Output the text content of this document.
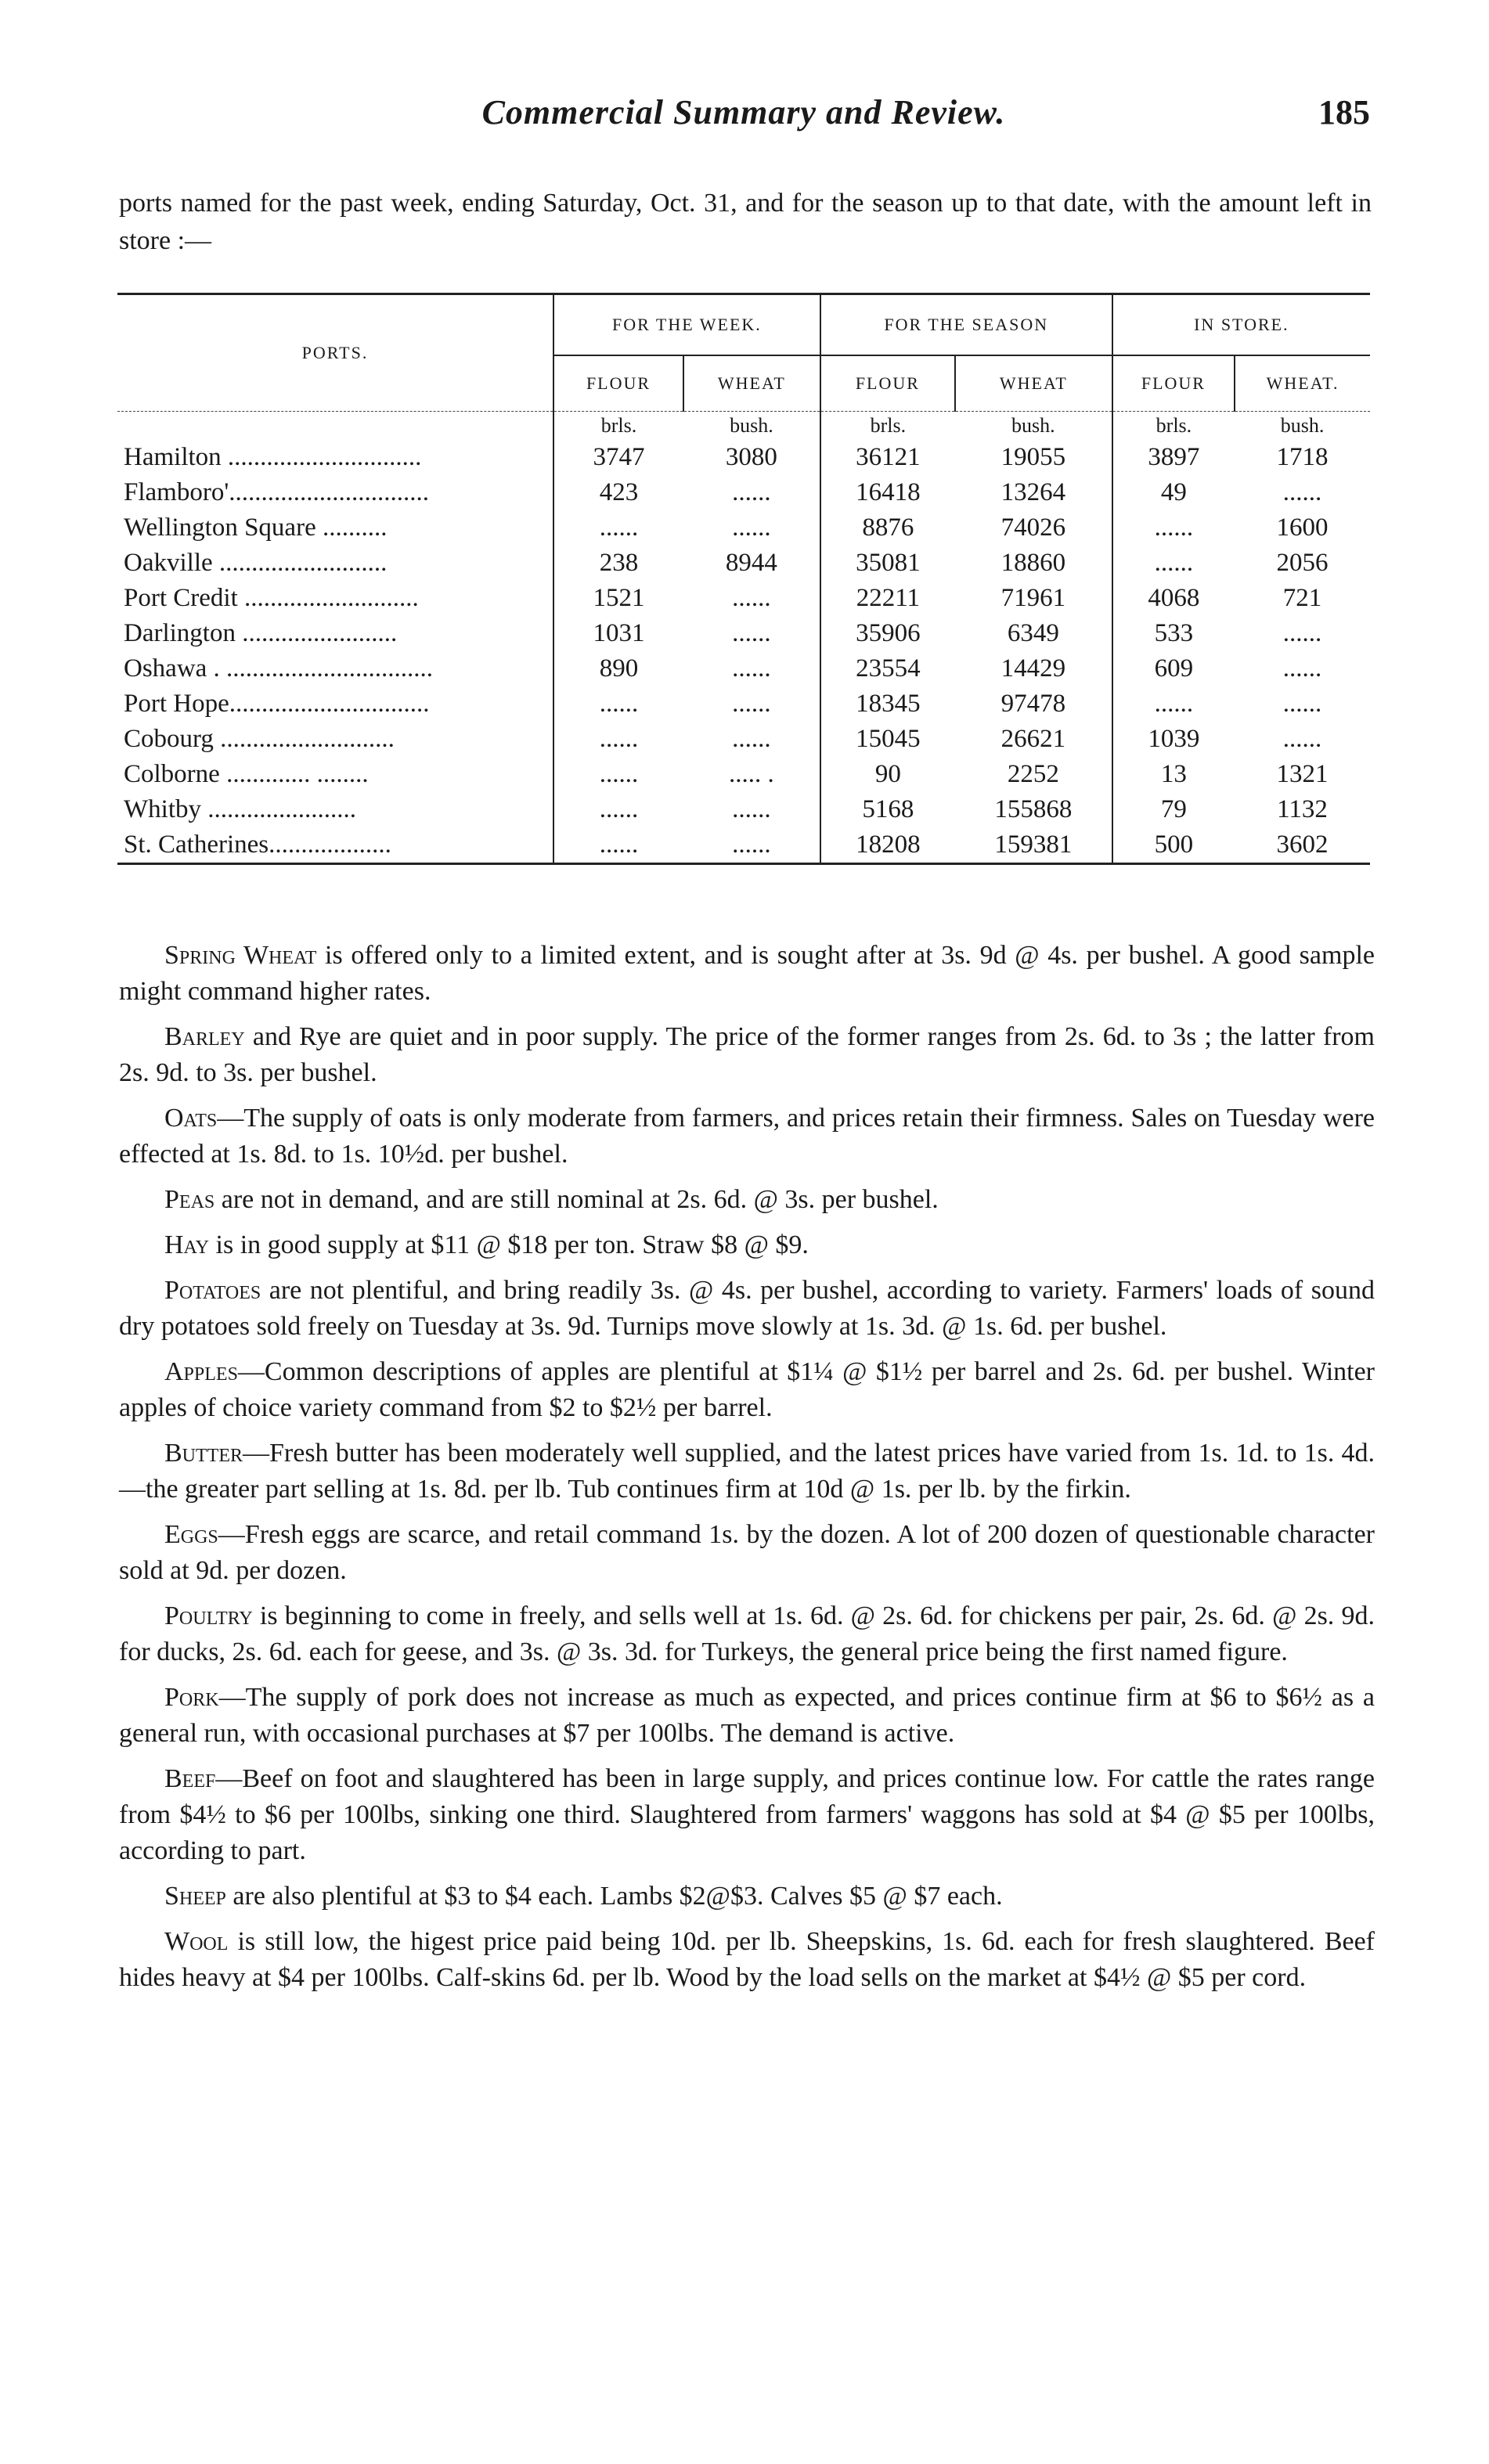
Commercial Summary and Review.	185
ports named for the past week, ending Saturday, Oct. 31, and for the season up to that date, with the amount left in store :—
PORTS.	FOR THE WEEK.		FOR THE SEASON		IN STORE.	
	FLOUR	WHEAT	FLOUR	WHEAT	FLOUR	WHEAT.
	brls.	bush.	brls.	bush.	brls.	bush.
Hamilton ..............................	3747	3080	36121	19055	3897	1718
Flamboro'...............................	423	......	16418	13264	49	......
Wellington Square ..........	......	......	8876	74026	......	1600
Oakville ..........................	238	8944	35081	18860	......	2056
Port Credit ...........................	1521	......	22211	71961	4068	721
Darlington ........................	1031	......	35906	6349	533	......
Oshawa . ................................	890	......	23554	14429	609	......
Port Hope...............................	......	......	18345	97478	......	......
Cobourg ...........................	......	......	15045	26621	1039	......
Colborne ............. ........	......	..... .	90	2252	13	1321
Whitby .......................	......	......	5168	155868	79	1132
St. Catherines...................	......	......	18208	159381	500	3602

Spring Wheat is offered only to a limited extent, and is sought after at 3s. 9d @ 4s. per bushel. A good sample might command higher rates.

Barley and Rye are quiet and in poor supply. The price of the former ranges from 2s. 6d. to 3s ; the latter from 2s. 9d. to 3s. per bushel.

Oats—The supply of oats is only moderate from farmers, and prices retain their firmness. Sales on Tuesday were effected at 1s. 8d. to 1s. 10½d. per bushel.

Peas are not in demand, and are still nominal at 2s. 6d. @ 3s. per bushel.

Hay is in good supply at $11 @ $18 per ton. Straw $8 @ $9.

Potatoes are not plentiful, and bring readily 3s. @ 4s. per bushel, according to variety. Farmers' loads of sound dry potatoes sold freely on Tuesday at 3s. 9d. Turnips move slowly at 1s. 3d. @ 1s. 6d. per bushel.

Apples—Common descriptions of apples are plentiful at $1¼ @ $1½ per barrel and 2s. 6d. per bushel. Winter apples of choice variety command from $2 to $2½ per barrel.

Butter—Fresh butter has been moderately well supplied, and the latest prices have varied from 1s. 1d. to 1s. 4d.—the greater part selling at 1s. 8d. per lb. Tub continues firm at 10d @ 1s. per lb. by the firkin.

Eggs—Fresh eggs are scarce, and retail command 1s. by the dozen. A lot of 200 dozen of questionable character sold at 9d. per dozen.

Poultry is beginning to come in freely, and sells well at 1s. 6d. @ 2s. 6d. for chickens per pair, 2s. 6d. @ 2s. 9d. for ducks, 2s. 6d. each for geese, and 3s. @ 3s. 3d. for Turkeys, the general price being the first named figure.

Pork—The supply of pork does not increase as much as expected, and prices continue firm at $6 to $6½ as a general run, with occasional purchases at $7 per 100lbs. The demand is active.

Beef—Beef on foot and slaughtered has been in large supply, and prices continue low. For cattle the rates range from $4½ to $6 per 100lbs, sinking one third. Slaughtered from farmers' waggons has sold at $4 @ $5 per 100lbs, according to part.

Sheep are also plentiful at $3 to $4 each. Lambs $2@$3. Calves $5 @ $7 each.

Wool is still low, the higest price paid being 10d. per lb. Sheepskins, 1s. 6d. each for fresh slaughtered. Beef hides heavy at $4 per 100lbs. Calf-skins 6d. per lb. Wood by the load sells on the market at $4½ @ $5 per cord.
